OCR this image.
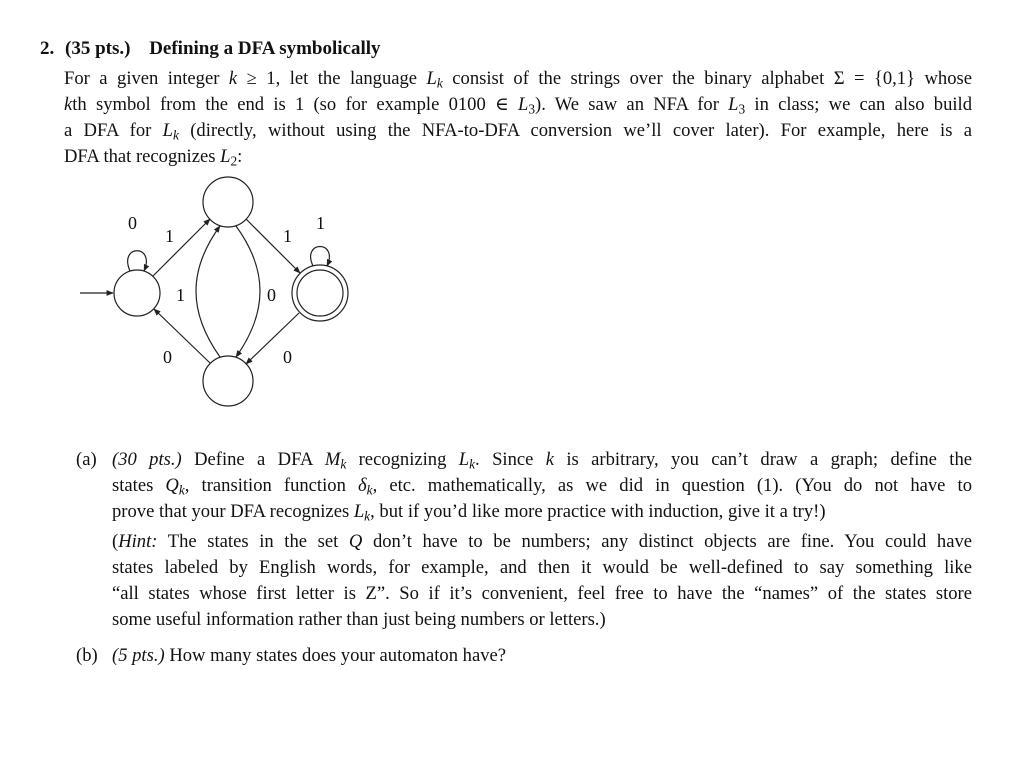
2. (35 pts.) Defining a DFA symbolically
For a given integer k ≥ 1, let the language $L_k$ consist of the strings over the binary alphabet Σ = {0,1} whose
kth symbol from the end is 1 (so for example 0100 ∈ $L_3$). We saw an NFA for $L_3$ in class; we can also build
a DFA for $L_k$ (directly, without using the NFA-to-DFA conversion we’ll cover later). For example, here is a
DFA that recognizes $L_2$:
0
1	1
1
1	0
0	0
(a) (30 pts.) Define a DFA $M_k$ recognizing $L_k$. Since k is arbitrary, you can’t draw a graph; define the
states $Q_k$, transition function $\delta_k$, etc. mathematically, as we did in question (1). (You do not have to
prove that your DFA recognizes $L_k$, but if you’d like more practice with induction, give it a try!)
(Hint: The states in the set Q don’t have to be numbers; any distinct objects are fine. You could have
states labeled by English words, for example, and then it would be well-defined to say something like
“all states whose first letter is Z”. So if it’s convenient, feel free to have the “names” of the states store
some useful information rather than just being numbers or letters.)
(b) (5 pts.) How many states does your automaton have?
